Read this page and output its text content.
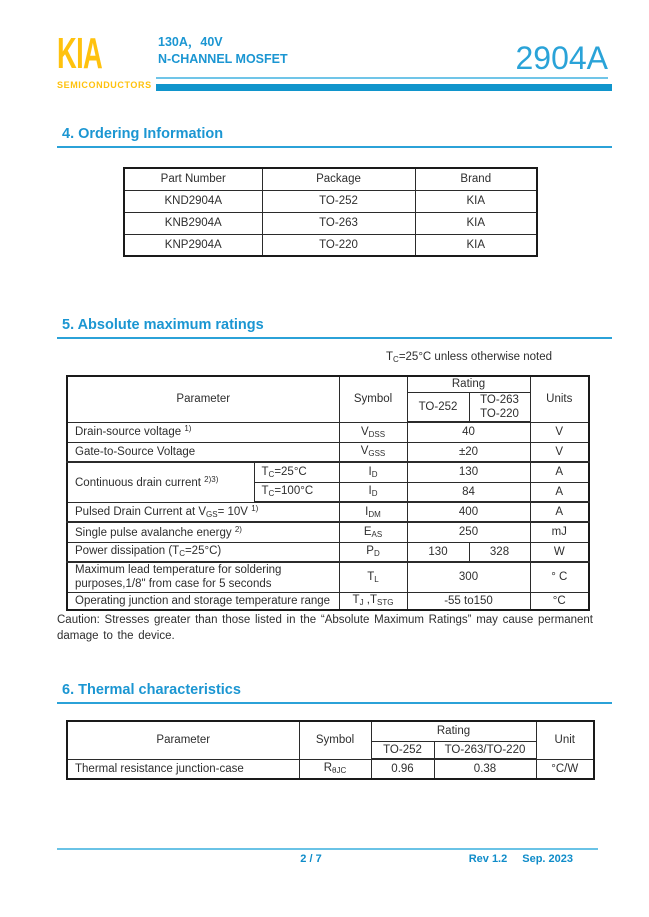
KIA
SEMICONDUCTORS
130A，40V
N-CHANNEL MOSFET	2904A
4. Ordering Information
Part Number	Package	Brand
KND2904A	TO-252	KIA
KNB2904A	TO-263	KIA
KNP2904A	TO-220	KIA
5. Absolute maximum ratings
TC=25°C unless otherwise noted
Parameter		Symbol	Rating		Units
			TO-252	TO-263
TO-220	
Drain-source voltage $^{1)}$		VDSS	40		V
Gate-to-Source Voltage		VGSS	±20		V
Continuous drain current $^{2)3)}$	TC=25°C	ID	130		A
	TC=100°C	ID	84		A
Pulsed Drain Current at VGS= 10V $^{1)}$		IDM	400		A
Single pulse avalanche energy $^{2)}$		EAS	250		mJ
Power dissipation (TC=25°C)		PD	130	328	W
Maximum lead temperature for soldering
purposes,1/8" from case for 5 seconds		TL	300		° C
Operating junction and storage temperature range		TJ ,TSTG	-55 to150		°C
Caution: Stresses greater than those listed in the “Absolute Maximum Ratings” may cause permanent
damage to the device.
6. Thermal characteristics
Parameter	Symbol	Rating		Unit
		TO-252	TO-263/TO-220	
Thermal resistance junction-case	RθJC	0.96	0.38	°C/W
2 / 7	Rev 1.2 Sep. 2023
